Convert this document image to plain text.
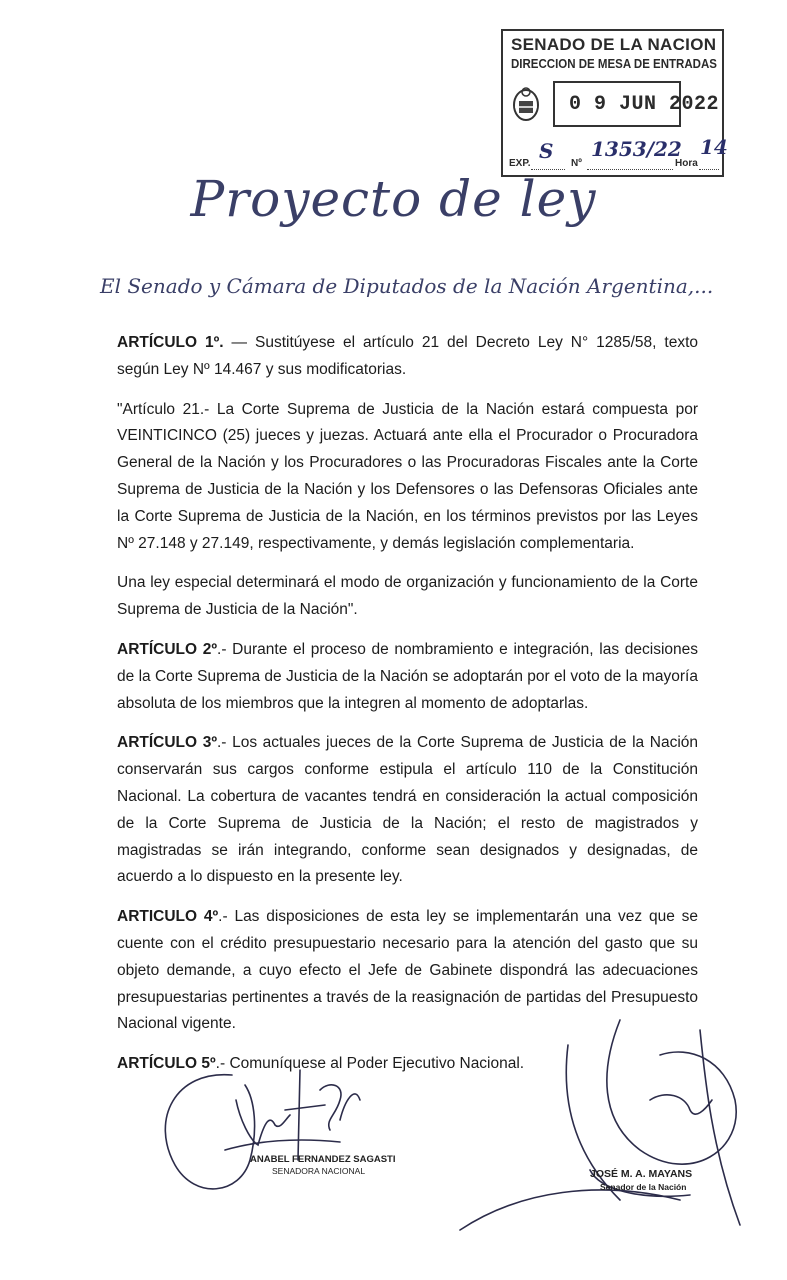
SENADO DE LA NACION
DIRECCION DE MESA DE ENTRADAS
0 9 JUN 2022
EXP.
S
Nº
1353/22
Hora
14
Proyecto de ley
El Senado y Cámara de Diputados de la Nación Argentina,...

ARTÍCULO 1º. — Sustitúyese el artículo 21 del Decreto Ley N° 1285/58, texto según Ley Nº 14.467 y sus modificatorias.

"Artículo 21.- La Corte Suprema de Justicia de la Nación estará compuesta por VEINTICINCO (25) jueces y juezas. Actuará ante ella el Procurador o Procuradora General de la Nación y los Procuradores o las Procuradoras Fiscales ante la Corte Suprema de Justicia de la Nación y los Defensores o las Defensoras Oficiales ante la Corte Suprema de Justicia de la Nación, en los términos previstos por las Leyes Nº 27.148 y 27.149, respectivamente, y demás legislación complementaria.

Una ley especial determinará el modo de organización y funcionamiento de la Corte Suprema de Justicia de la Nación".

ARTÍCULO 2º.- Durante el proceso de nombramiento e integración, las decisiones de la Corte Suprema de Justicia de la Nación se adoptarán por el voto de la mayoría absoluta de los miembros que la integren al momento de adoptarlas.

ARTÍCULO 3º.- Los actuales jueces de la Corte Suprema de Justicia de la Nación conservarán sus cargos conforme estipula el artículo 110 de la Constitución Nacional. La cobertura de vacantes tendrá en consideración la actual composición de la Corte Suprema de Justicia de la Nación; el resto de magistrados y magistradas se irán integrando, conforme sean designados y designadas, de acuerdo a lo dispuesto en la presente ley.

ARTICULO 4º.- Las disposiciones de esta ley se implementarán una vez que se cuente con el crédito presupuestario necesario para la atención del gasto que su objeto demande, a cuyo efecto el Jefe de Gabinete dispondrá las adecuaciones presupuestarias pertinentes a través de la reasignación de partidas del Presupuesto Nacional vigente.

ARTÍCULO 5º.- Comuníquese al Poder Ejecutivo Nacional.

ANABEL FERNANDEZ SAGASTI
SENADORA NACIONAL	JOSÉ M. A. MAYANS
Senador de la Nación
